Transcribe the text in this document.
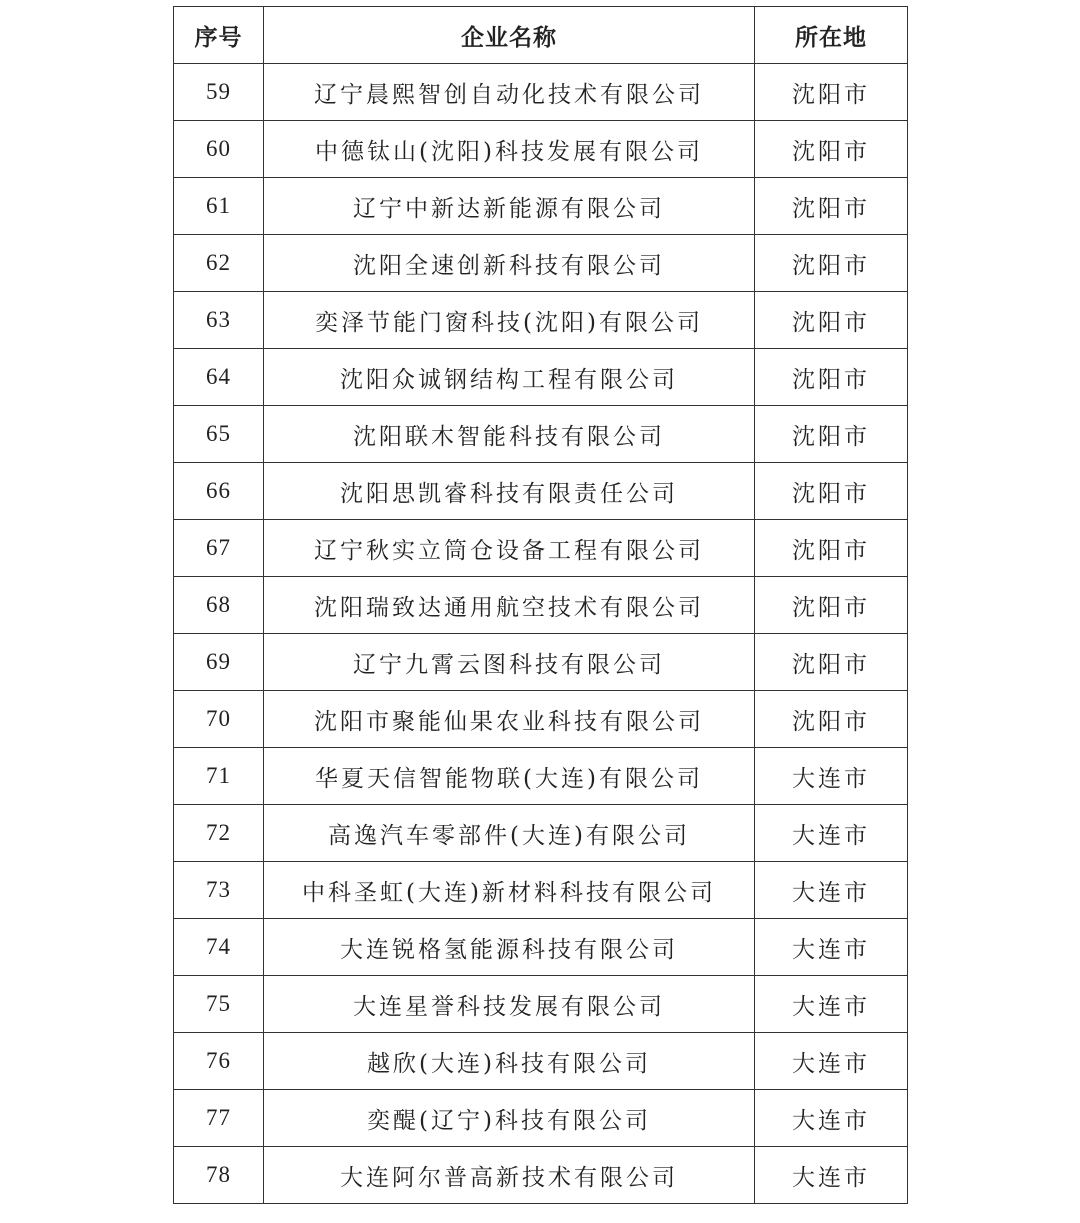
序号	企业名称	所在地
59	辽宁晨熙智创自动化技术有限公司	沈阳市
60	中德钛山(沈阳)科技发展有限公司	沈阳市
61	辽宁中新达新能源有限公司	沈阳市
62	沈阳全速创新科技有限公司	沈阳市
63	奕泽节能门窗科技(沈阳)有限公司	沈阳市
64	沈阳众诚钢结构工程有限公司	沈阳市
65	沈阳联木智能科技有限公司	沈阳市
66	沈阳思凯睿科技有限责任公司	沈阳市
67	辽宁秋实立筒仓设备工程有限公司	沈阳市
68	沈阳瑞致达通用航空技术有限公司	沈阳市
69	辽宁九霄云图科技有限公司	沈阳市
70	沈阳市聚能仙果农业科技有限公司	沈阳市
71	华夏天信智能物联(大连)有限公司	大连市
72	高逸汽车零部件(大连)有限公司	大连市
73	中科圣虹(大连)新材料科技有限公司	大连市
74	大连锐格氢能源科技有限公司	大连市
75	大连星誉科技发展有限公司	大连市
76	越欣(大连)科技有限公司	大连市
77	奕醍(辽宁)科技有限公司	大连市
78	大连阿尔普高新技术有限公司	大连市
